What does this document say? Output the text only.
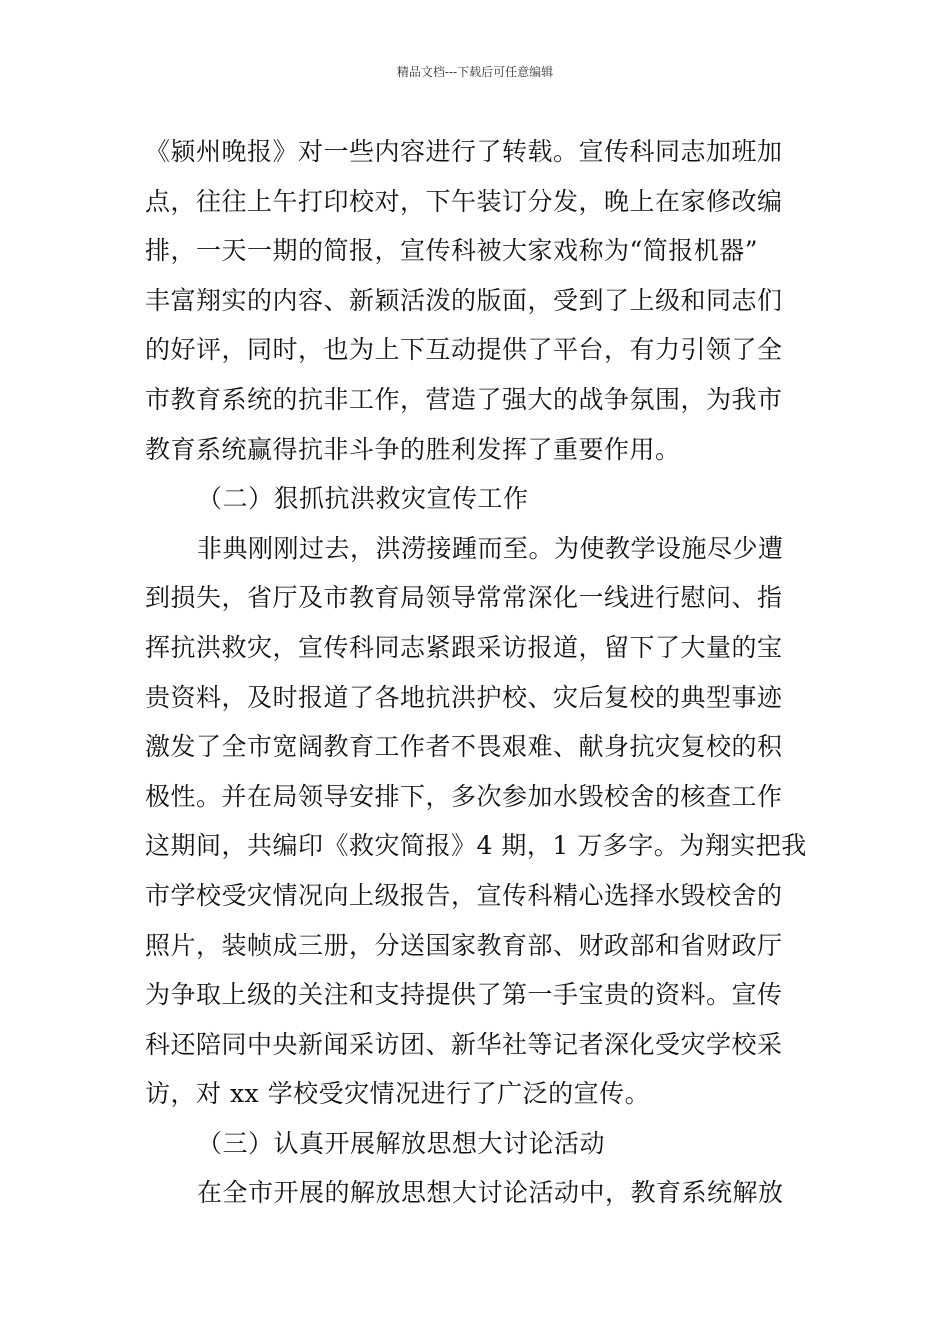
精品文档---下载后可任意编辑
《颍州晚报》对一些内容进行了转载。宣传科同志加班加
点，往往上午打印校对，下午装订分发，晚上在家修改编
排，一天一期的简报，宣传科被大家戏称为“简报机器”
丰富翔实的内容、新颖活泼的版面，受到了上级和同志们
的好评，同时，也为上下互动提供了平台，有力引领了全
市教育系统的抗非工作，营造了强大的战争氛围，为我市
教育系统赢得抗非斗争的胜利发挥了重要作用。
（二）狠抓抗洪救灾宣传工作
非典刚刚过去，洪涝接踵而至。为使教学设施尽少遭
到损失，省厅及市教育局领导常常深化一线进行慰问、指
挥抗洪救灾，宣传科同志紧跟采访报道，留下了大量的宝
贵资料，及时报道了各地抗洪护校、灾后复校的典型事迹
激发了全市宽阔教育工作者不畏艰难、献身抗灾复校的积
极性。并在局领导安排下，多次参加水毁校舍的核查工作
这期间，共编印《救灾简报》4 期，1 万多字。为翔实把我
市学校受灾情况向上级报告，宣传科精心选择水毁校舍的
照片，装帧成三册，分送国家教育部、财政部和省财政厅
为争取上级的关注和支持提供了第一手宝贵的资料。宣传
科还陪同中央新闻采访团、新华社等记者深化受灾学校采
访，对 xx 学校受灾情况进行了广泛的宣传。
（三）认真开展解放思想大讨论活动
在全市开展的解放思想大讨论活动中，教育系统解放
